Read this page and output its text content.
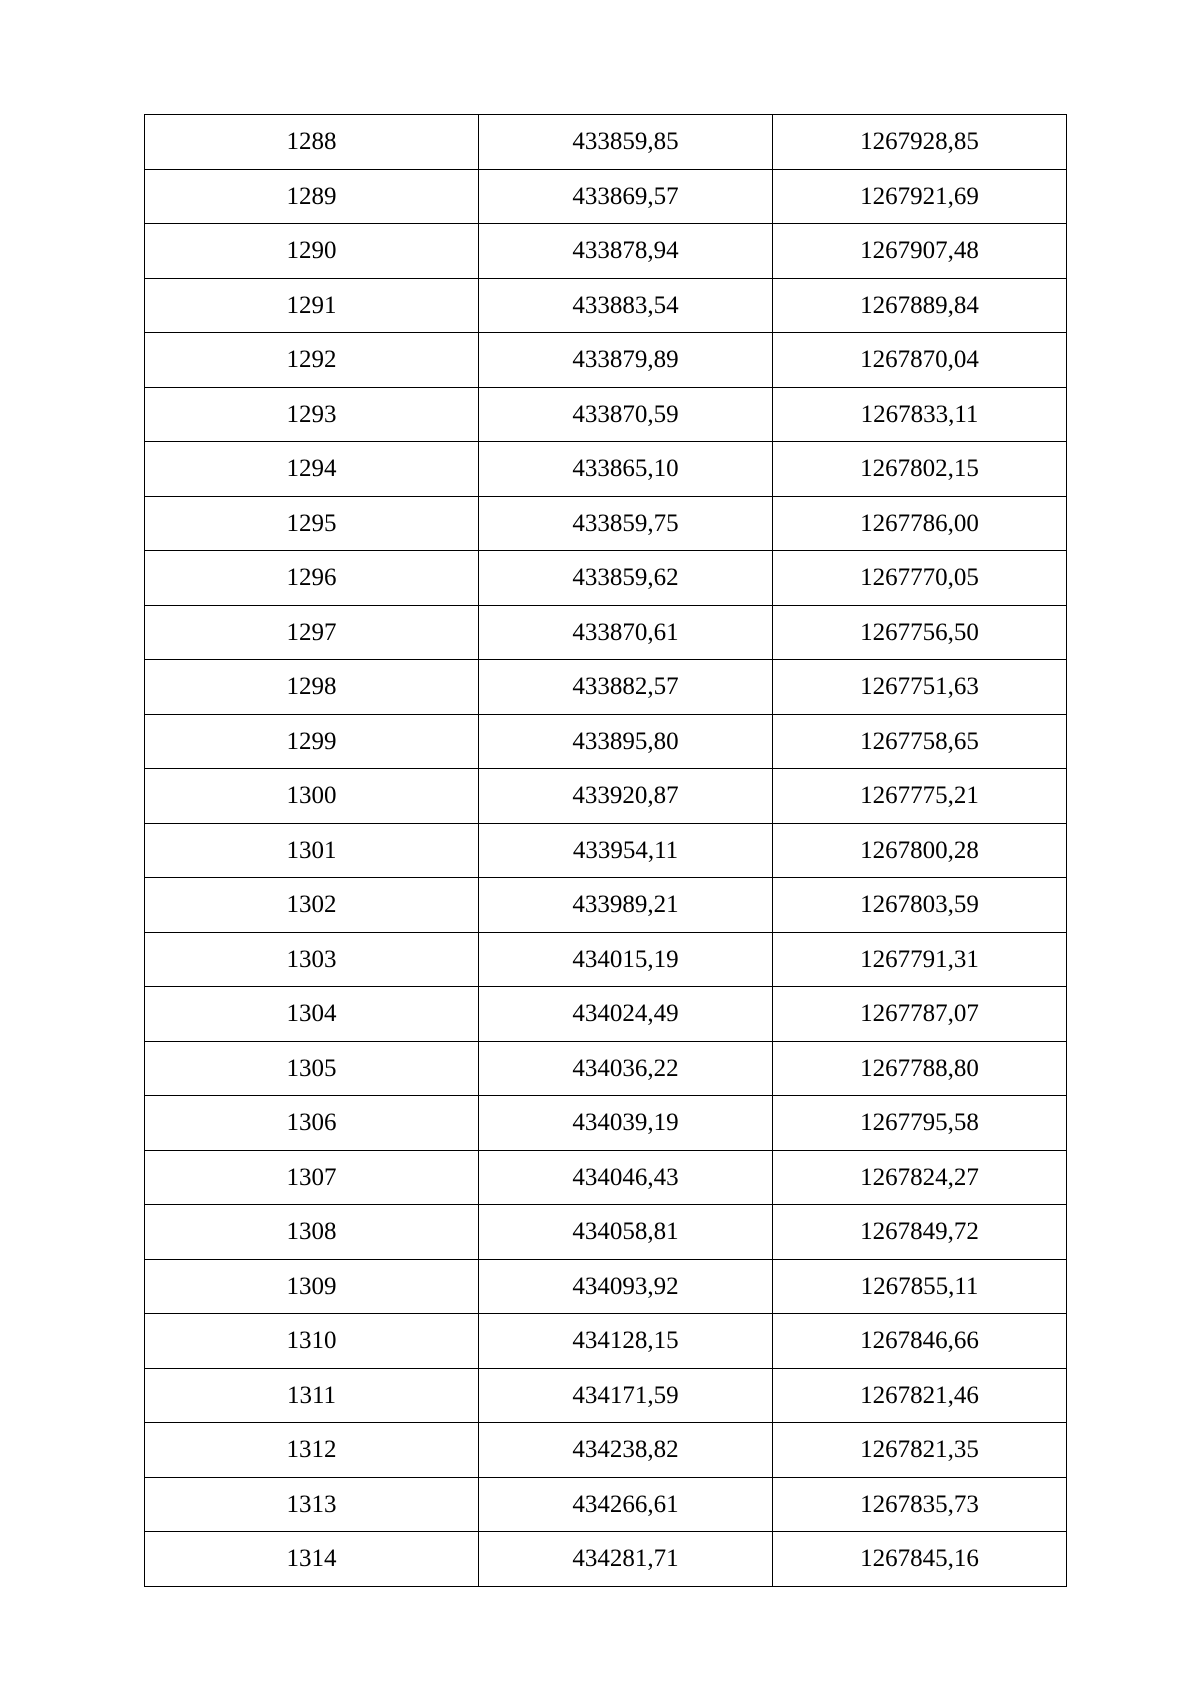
1288	433859,85	1267928,85
1289	433869,57	1267921,69
1290	433878,94	1267907,48
1291	433883,54	1267889,84
1292	433879,89	1267870,04
1293	433870,59	1267833,11
1294	433865,10	1267802,15
1295	433859,75	1267786,00
1296	433859,62	1267770,05
1297	433870,61	1267756,50
1298	433882,57	1267751,63
1299	433895,80	1267758,65
1300	433920,87	1267775,21
1301	433954,11	1267800,28
1302	433989,21	1267803,59
1303	434015,19	1267791,31
1304	434024,49	1267787,07
1305	434036,22	1267788,80
1306	434039,19	1267795,58
1307	434046,43	1267824,27
1308	434058,81	1267849,72
1309	434093,92	1267855,11
1310	434128,15	1267846,66
1311	434171,59	1267821,46
1312	434238,82	1267821,35
1313	434266,61	1267835,73
1314	434281,71	1267845,16
